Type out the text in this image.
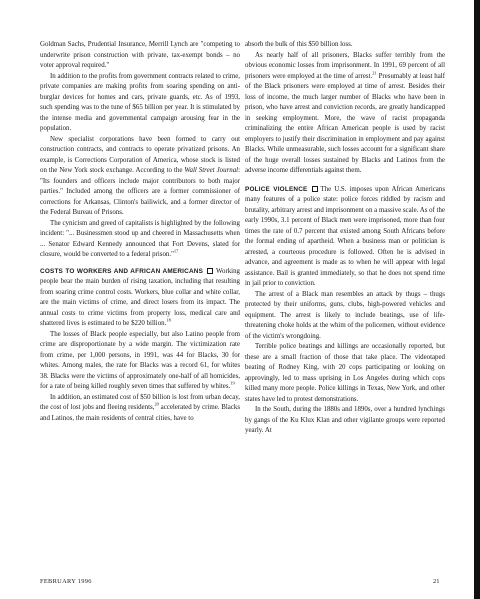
Goldman Sachs, Prudential Insurance, Merrill Lynch are "competing to underwrite prison construction with private, tax-exempt bonds – no voter approval required."

In addition to the profits from government contracts related to crime, private companies are making profits from soaring spending on anti-burglar devices for homes and cars, private guards, etc. As of 1993, such spending was to the tune of $65 billion per year. It is stimulated by the intense media and governmental campaign arousing fear in the population.

New specialist corporations have been formed to carry out construction contracts, and contracts to operate privatized prisons. An example, is Corrections Corporation of America, whose stock is listed on the New York stock exchange. According to the Wall Street Journal: "Its founders and officers include major contributors to both major parties." Included among the officers are a former commissioner of corrections for Arkansas, Clinton's bailiwick, and a former director of the Federal Bureau of Prisons.

The cynicism and greed of capitalists is highlighted by the following incident: "... Businessmen stood up and cheered in Massachusetts when ... Senator Edward Kennedy announced that Fort Devens, slated for closure, would be converted to a federal prison."$^{17}$

COSTS TO WORKERS AND AFRICAN AMERICANS Working people bear the main burden of rising taxation, including that resulting from soaring crime control costs. Workers, blue collar and white collar, are the main victims of crime, and direct losers from its impact. The annual costs to crime victims from property loss, medical care and shattered lives is estimated to be $220 billion.$^{18}$

The losses of Black people especially, but also Latino people from crime are disproportionate by a wide margin. The victimization rate from crime, per 1,000 persons, in 1991, was 44 for Blacks, 30 for whites. Among males, the rate for Blacks was a record 61, for whites 38. Blacks were the victims of approximately one-half of all homicides, for a rate of being killed roughly seven times that suffered by whites.$^{19}$

In addition, an estimated cost of $50 billion is lost from urban decay, the cost of lost jobs and fleeing residents,$^{20}$ accelerated by crime. Blacks and Latinos, the main residents of central cities, have to

absorb the bulk of this $50 billion loss.

As nearly half of all prisoners, Blacks suffer terribly from the obvious economic losses from imprisonment. In 1991, 69 percent of all prisoners were employed at the time of arrest.$^{21}$ Presumably at least half of the Black prisoners were employed at time of arrest. Besides their loss of income, the much larger number of Blacks who have been in prison, who have arrest and conviction records, are greatly handicapped in seeking employment. More, the wave of racist propaganda criminalizing the entire African American people is used by racist employers to justify their discrimination in employment and pay against Blacks. While unmeasurable, such losses account for a significant share of the huge overall losses sustained by Blacks and Latinos from the adverse income differentials against them.

POLICE VIOLENCE The U.S. imposes upon African Americans many features of a police state: police forces riddled by racism and brutality, arbitrary arrest and imprisonment on a massive scale. As of the early 1990s, 3.1 percent of Black men were imprisoned, more than four times the rate of 0.7 percent that existed among South Africans before the formal ending of apartheid. When a business man or politician is arrested, a courteous procedure is followed. Often he is advised in advance, and agreement is made as to when he will appear with legal assistance. Bail is granted immediately, so that he does not spend time in jail prior to conviction.

The arrest of a Black man resembles an attack by thugs – thugs protected by their uniforms, guns, clubs, high-powered vehicles and equipment. The arrest is likely to include beatings, use of life-threatening choke holds at the whim of the policemen, without evidence of the victim's wrongdoing.

Terrible police beatings and killings are occasionally reported, but these are a small fraction of those that take place. The videotaped beating of Rodney King, with 20 cops participating or looking on approvingly, led to mass uprising in Los Angeles during which cops killed many more people. Police killings in Texas, New York, and other states have led to protest demonstrations.

In the South, during the 1880s and 1890s, over a hundred lynchings by gangs of the Ku Klux Klan and other vigilante groups were reported yearly. At

FEBRUARY 1996	21
